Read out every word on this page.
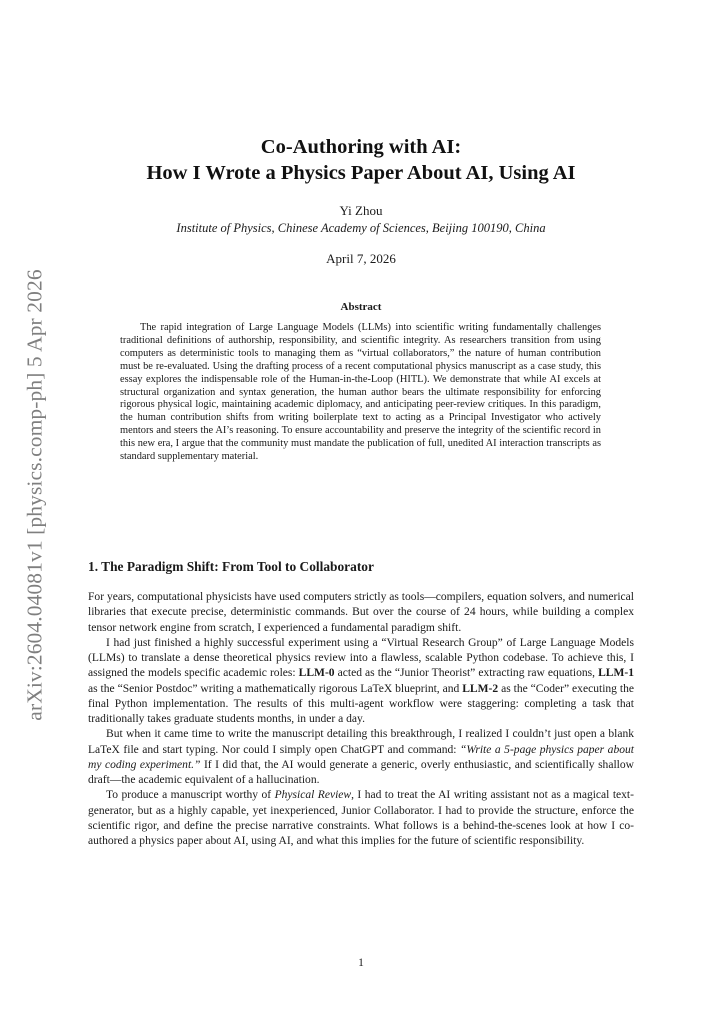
arXiv:2604.04081v1 [physics.comp-ph] 5 Apr 2026
Co-Authoring with AI:
How I Wrote a Physics Paper About AI, Using AI
Yi Zhou
Institute of Physics, Chinese Academy of Sciences, Beijing 100190, China
April 7, 2026
Abstract
The rapid integration of Large Language Models (LLMs) into scientific writing fundamentally challenges traditional definitions of authorship, responsibility, and scientific integrity. As researchers transition from using computers as deterministic tools to managing them as “virtual collaborators,” the nature of human contribution must be re-evaluated. Using the drafting process of a recent computational physics manuscript as a case study, this essay explores the indispensable role of the Human-in-the-Loop (HITL). We demonstrate that while AI excels at structural organization and syntax generation, the human author bears the ultimate responsibility for enforcing rigorous physical logic, maintaining academic diplomacy, and anticipating peer-review critiques. In this paradigm, the human contribution shifts from writing boilerplate text to acting as a Principal Investigator who actively mentors and steers the AI’s reasoning. To ensure accountability and preserve the integrity of the scientific record in this new era, I argue that the community must mandate the publication of full, unedited AI interaction transcripts as standard supplementary material.
1. The Paradigm Shift: From Tool to Collaborator

For years, computational physicists have used computers strictly as tools—compilers, equation solvers, and numerical libraries that execute precise, deterministic commands. But over the course of 24 hours, while building a complex tensor network engine from scratch, I experienced a fundamental paradigm shift.

I had just finished a highly successful experiment using a “Virtual Research Group” of Large Language Models (LLMs) to translate a dense theoretical physics review into a flawless, scalable Python codebase. To achieve this, I assigned the models specific academic roles: LLM-0 acted as the “Junior Theorist” extracting raw equations, LLM-1 as the “Senior Postdoc” writing a mathematically rigorous LaTeX blueprint, and LLM-2 as the “Coder” executing the final Python implementation. The results of this multi-agent workflow were staggering: completing a task that traditionally takes graduate students months, in under a day.

But when it came time to write the manuscript detailing this breakthrough, I realized I couldn’t just open a blank LaTeX file and start typing. Nor could I simply open ChatGPT and command: “Write a 5-page physics paper about my coding experiment.” If I did that, the AI would generate a generic, overly enthusiastic, and scientifically shallow draft—the academic equivalent of a hallucination.

To produce a manuscript worthy of Physical Review, I had to treat the AI writing assistant not as a magical text-generator, but as a highly capable, yet inexperienced, Junior Collaborator. I had to provide the structure, enforce the scientific rigor, and define the precise narrative constraints. What follows is a behind-the-scenes look at how I co-authored a physics paper about AI, using AI, and what this implies for the future of scientific responsibility.

1
